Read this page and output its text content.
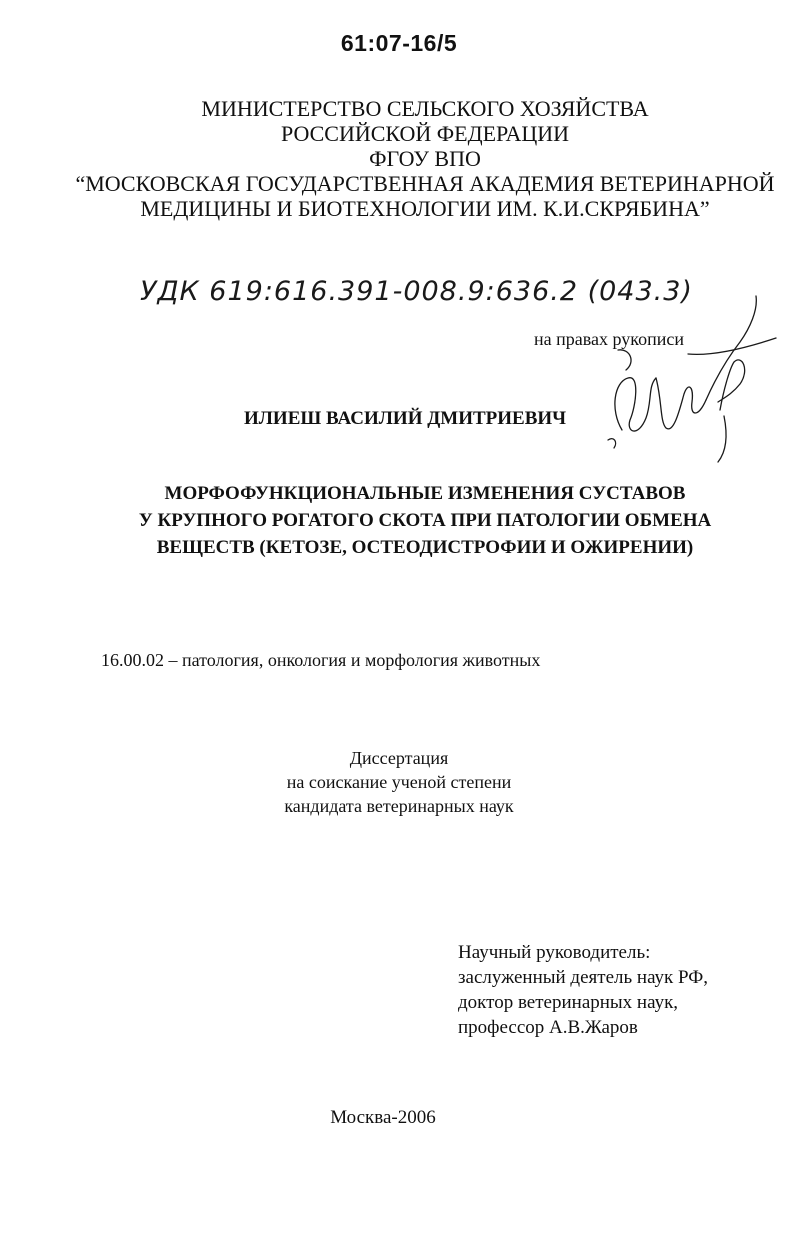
61:07-16/5
МИНИСТЕРСТВО СЕЛЬСКОГО ХОЗЯЙСТВА
РОССИЙСКОЙ ФЕДЕРАЦИИ
ФГОУ ВПО
“МОСКОВСКАЯ ГОСУДАРСТВЕННАЯ АКАДЕМИЯ ВЕТЕРИНАРНОЙ
МЕДИЦИНЫ И БИОТЕХНОЛОГИИ ИМ. К.И.СКРЯБИНА”
УДК 619:616.391-008.9:636.2 (043.3)
на правах рукописи
ИЛИЕШ ВАСИЛИЙ ДМИТРИЕВИЧ
МОРФОФУНКЦИОНАЛЬНЫЕ ИЗМЕНЕНИЯ СУСТАВОВ
У КРУПНОГО РОГАТОГО СКОТА ПРИ ПАТОЛОГИИ ОБМЕНА
ВЕЩЕСТВ (КЕТОЗЕ, ОСТЕОДИСТРОФИИ И ОЖИРЕНИИ)
16.00.02 – патология, онкология и морфология животных
Диссертация
на соискание ученой степени
кандидата ветеринарных наук
Научный руководитель:
заслуженный деятель наук РФ,
доктор ветеринарных наук,
профессор А.В.Жаров
Москва-2006
